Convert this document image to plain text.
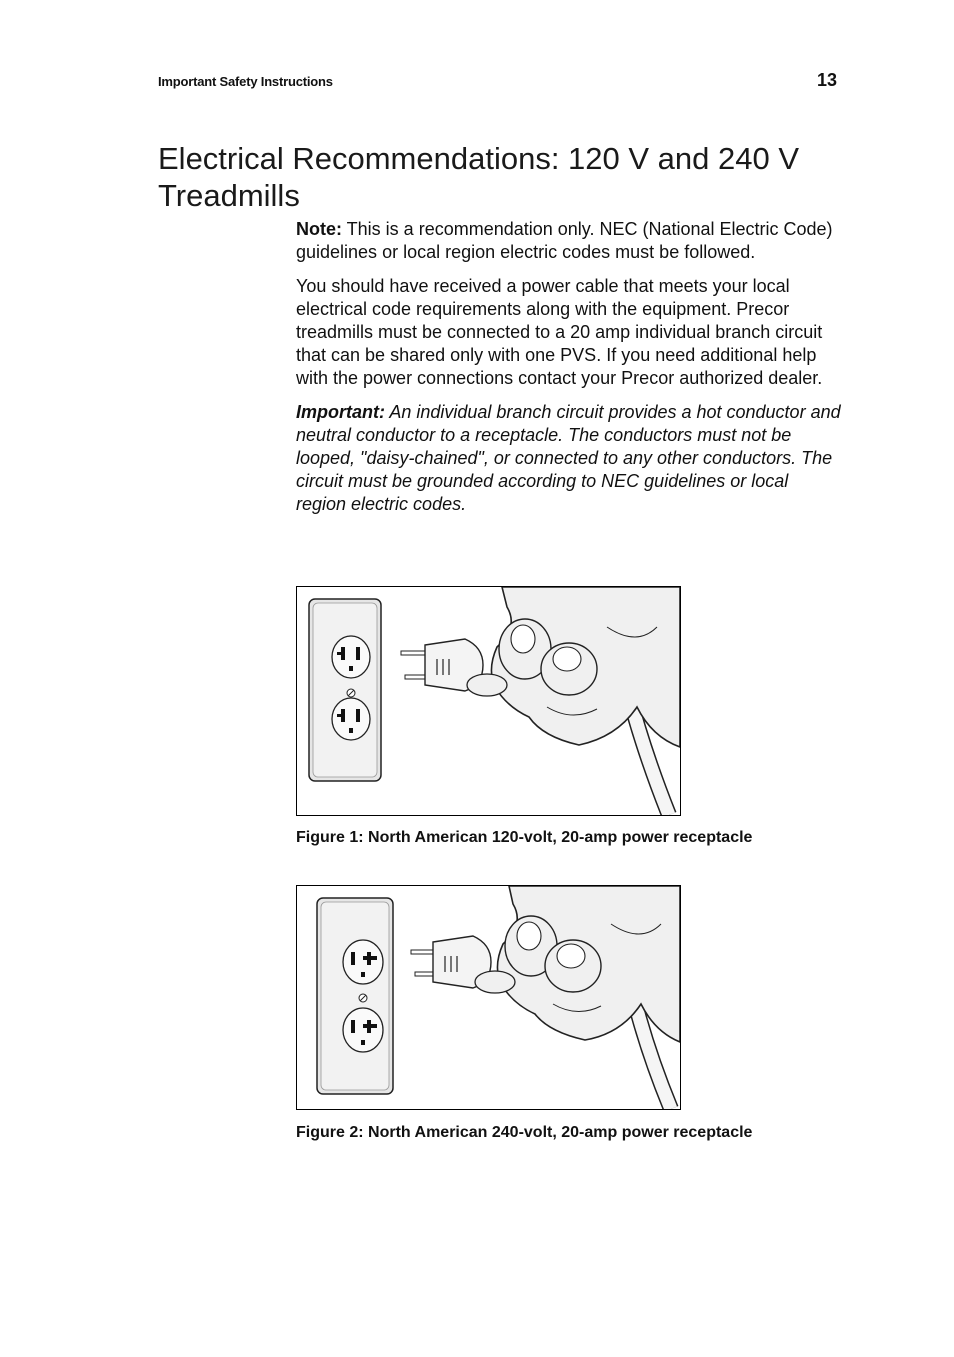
Important Safety Instructions	13
Electrical Recommendations: 120 V and 240 V Treadmills

Note: This is a recommendation only. NEC (National Electric Code) guidelines or local region electric codes must be followed.

You should have received a power cable that meets your local electrical code requirements along with the equipment. Precor treadmills must be connected to a 20 amp individual branch circuit that can be shared only with one PVS. If you need additional help with the power connections contact your Precor authorized dealer.

Important: An individual branch circuit provides a hot conductor and neutral conductor to a receptacle. The conductors must not be looped, "daisy-chained", or connected to any other conductors. The circuit must be grounded according to NEC guidelines or local region electric codes.

Figure 1: North American 120-volt, 20-amp power receptacle
Figure 2: North American 240-volt, 20-amp power receptacle
